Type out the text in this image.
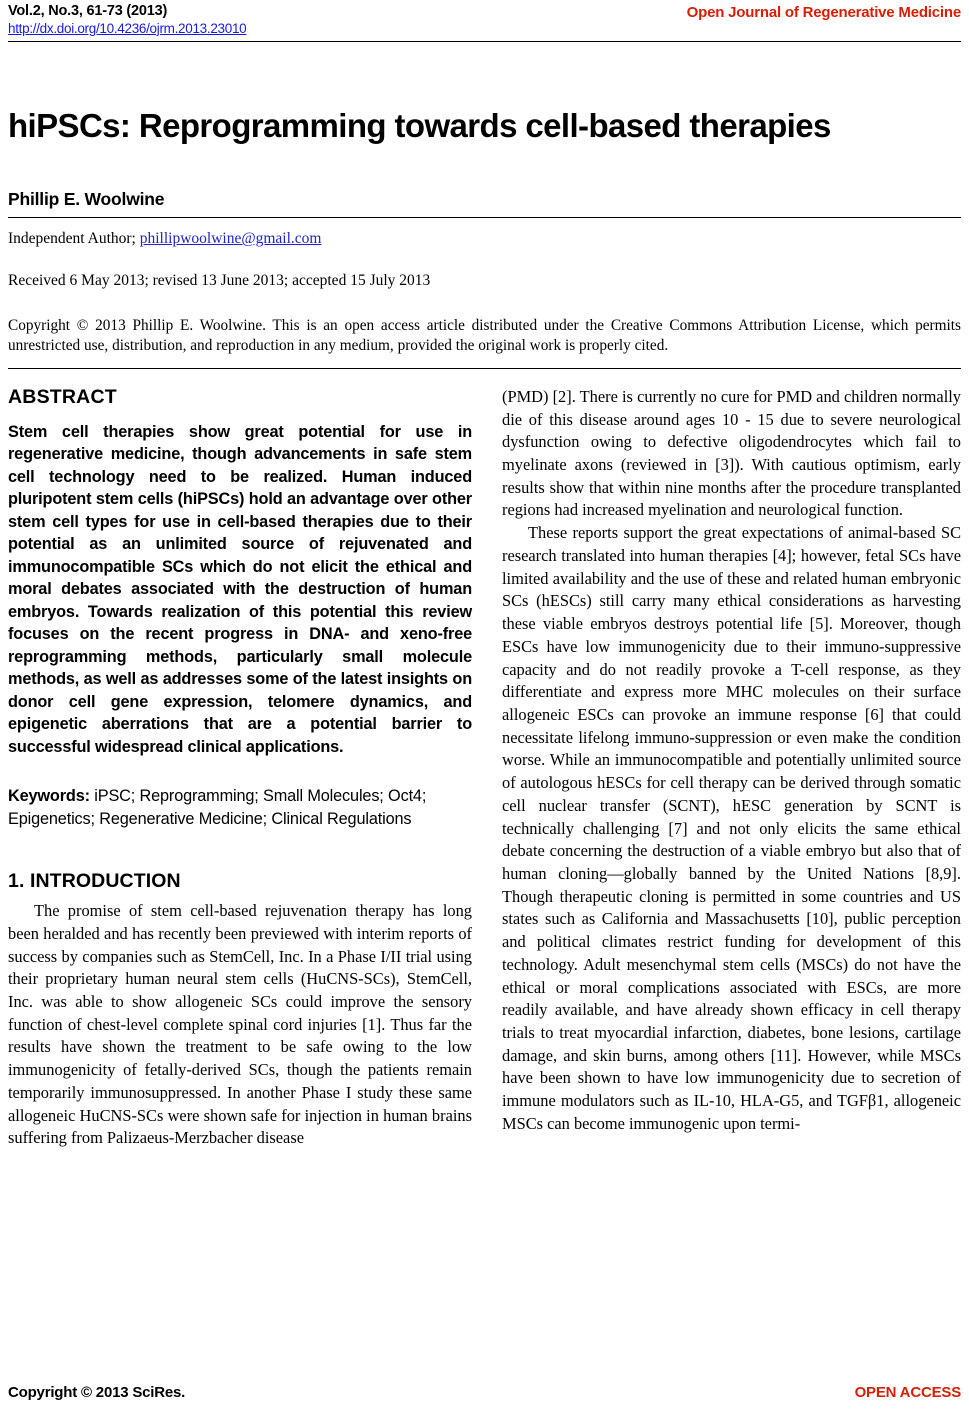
Vol.2, No.3, 61-73 (2013)
http://dx.doi.org/10.4236/ojrm.2013.23010
Open Journal of Regenerative Medicine
hiPSCs: Reprogramming towards cell-based therapies
Phillip E. Woolwine
Independent Author; phillipwoolwine@gmail.com
Received 6 May 2013; revised 13 June 2013; accepted 15 July 2013
Copyright © 2013 Phillip E. Woolwine. This is an open access article distributed under the Creative Commons Attribution License, which permits unrestricted use, distribution, and reproduction in any medium, provided the original work is properly cited.
ABSTRACT

Stem cell therapies show great potential for use in regenerative medicine, though advancements in safe stem cell technology need to be realized. Human induced pluripotent stem cells (hiPSCs) hold an advantage over other stem cell types for use in cell-based therapies due to their potential as an unlimited source of rejuvenated and immunocompatible SCs which do not elicit the ethical and moral debates associated with the destruction of human embryos. Towards realization of this potential this review focuses on the recent progress in DNA- and xeno-free reprogramming methods, particularly small molecule methods, as well as addresses some of the latest insights on donor cell gene expression, telomere dynamics, and epigenetic aberrations that are a potential barrier to successful widespread clinical applications.

Keywords: iPSC; Reprogramming; Small Molecules; Oct4; Epigenetics; Regenerative Medicine; Clinical Regulations
1. INTRODUCTION

The promise of stem cell-based rejuvenation therapy has long been heralded and has recently been previewed with interim reports of success by companies such as StemCell, Inc. In a Phase I/II trial using their proprietary human neural stem cells (HuCNS-SCs), StemCell, Inc. was able to show allogeneic SCs could improve the sensory function of chest-level complete spinal cord injuries [1]. Thus far the results have shown the treatment to be safe owing to the low immunogenicity of fetally-derived SCs, though the patients remain temporarily immunosuppressed. In another Phase I study these same allogeneic HuCNS-SCs were shown safe for injection in human brains suffering from Palizaeus-Merzbacher disease

(PMD) [2]. There is currently no cure for PMD and children normally die of this disease around ages 10 - 15 due to severe neurological dysfunction owing to defective oligodendrocytes which fail to myelinate axons (reviewed in [3]). With cautious optimism, early results show that within nine months after the procedure transplanted regions had increased myelination and neurological function.

These reports support the great expectations of animal-based SC research translated into human therapies [4]; however, fetal SCs have limited availability and the use of these and related human embryonic SCs (hESCs) still carry many ethical considerations as harvesting these viable embryos destroys potential life [5]. Moreover, though ESCs have low immunogenicity due to their immuno-suppressive capacity and do not readily provoke a T-cell response, as they differentiate and express more MHC molecules on their surface allogeneic ESCs can provoke an immune response [6] that could necessitate lifelong immuno-suppression or even make the condition worse. While an immunocompatible and potentially unlimited source of autologous hESCs for cell therapy can be derived through somatic cell nuclear transfer (SCNT), hESC generation by SCNT is technically challenging [7] and not only elicits the same ethical debate concerning the destruction of a viable embryo but also that of human cloning—globally banned by the United Nations [8,9]. Though therapeutic cloning is permitted in some countries and US states such as California and Massachusetts [10], public perception and political climates restrict funding for development of this technology. Adult mesenchymal stem cells (MSCs) do not have the ethical or moral complications associated with ESCs, are more readily available, and have already shown efficacy in cell therapy trials to treat myocardial infarction, diabetes, bone lesions, cartilage damage, and skin burns, among others [11]. However, while MSCs have been shown to have low immunogenicity due to secretion of immune modulators such as IL-10, HLA-G5, and TGFβ1, allogeneic MSCs can become immunogenic upon termi-

Copyright © 2013 SciRes.	OPEN ACCESS
